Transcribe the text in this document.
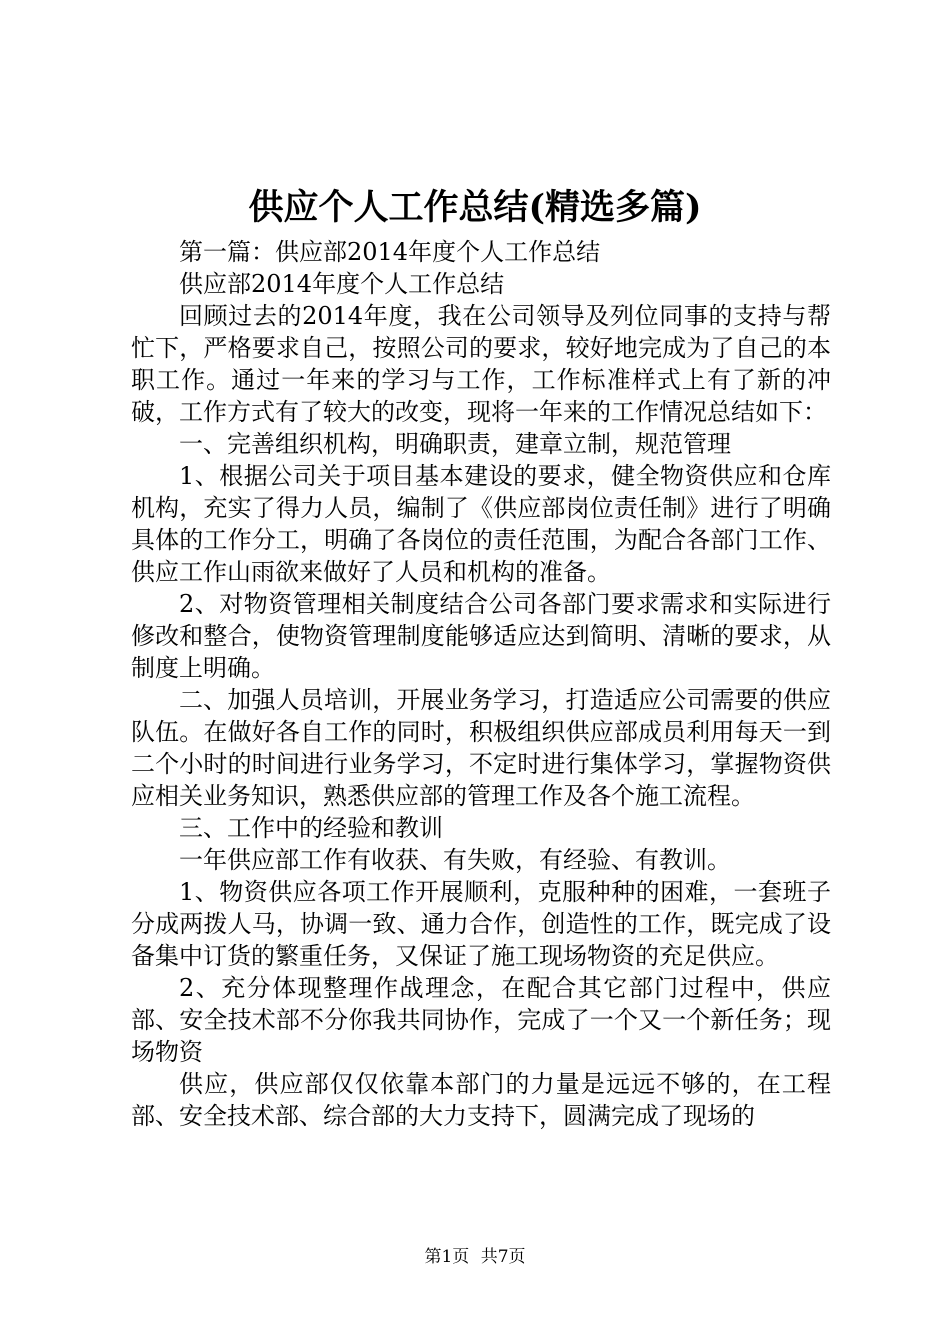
供应个人工作总结(精选多篇)

第一篇：供应部2014年度个人工作总结

供应部2014年度个人工作总结

回顾过去的2014年度，我在公司领导及列位同事的支持与帮忙下，严格要求自己，按照公司的要求，较好地完成为了自己的本职工作。通过一年来的学习与工作，工作标准样式上有了新的冲破，工作方式有了较大的改变，现将一年来的工作情况总结如下：

一、完善组织机构，明确职责，建章立制，规范管理

1、根据公司关于项目基本建设的要求，健全物资供应和仓库机构，充实了得力人员，编制了《供应部岗位责任制》进行了明确具体的工作分工，明确了各岗位的责任范围，为配合各部门工作、供应工作山雨欲来做好了人员和机构的准备。

2、对物资管理相关制度结合公司各部门要求需求和实际进行修改和整合，使物资管理制度能够适应达到简明、清晰的要求，从制度上明确。

二、加强人员培训，开展业务学习，打造适应公司需要的供应队伍。在做好各自工作的同时，积极组织供应部成员利用每天一到二个小时的时间进行业务学习，不定时进行集体学习，掌握物资供应相关业务知识，熟悉供应部的管理工作及各个施工流程。

三、工作中的经验和教训

一年供应部工作有收获、有失败，有经验、有教训。

1、物资供应各项工作开展顺利，克服种种的困难，一套班子分成两拨人马，协调一致、通力合作，创造性的工作，既完成了设备集中订货的繁重任务，又保证了施工现场物资的充足供应。

2、充分体现整理作战理念，在配合其它部门过程中，供应部、安全技术部不分你我共同协作，完成了一个又一个新任务；现场物资

供应，供应部仅仅依靠本部门的力量是远远不够的，在工程部、安全技术部、综合部的大力支持下，圆满完成了现场的

第1页 共7页
